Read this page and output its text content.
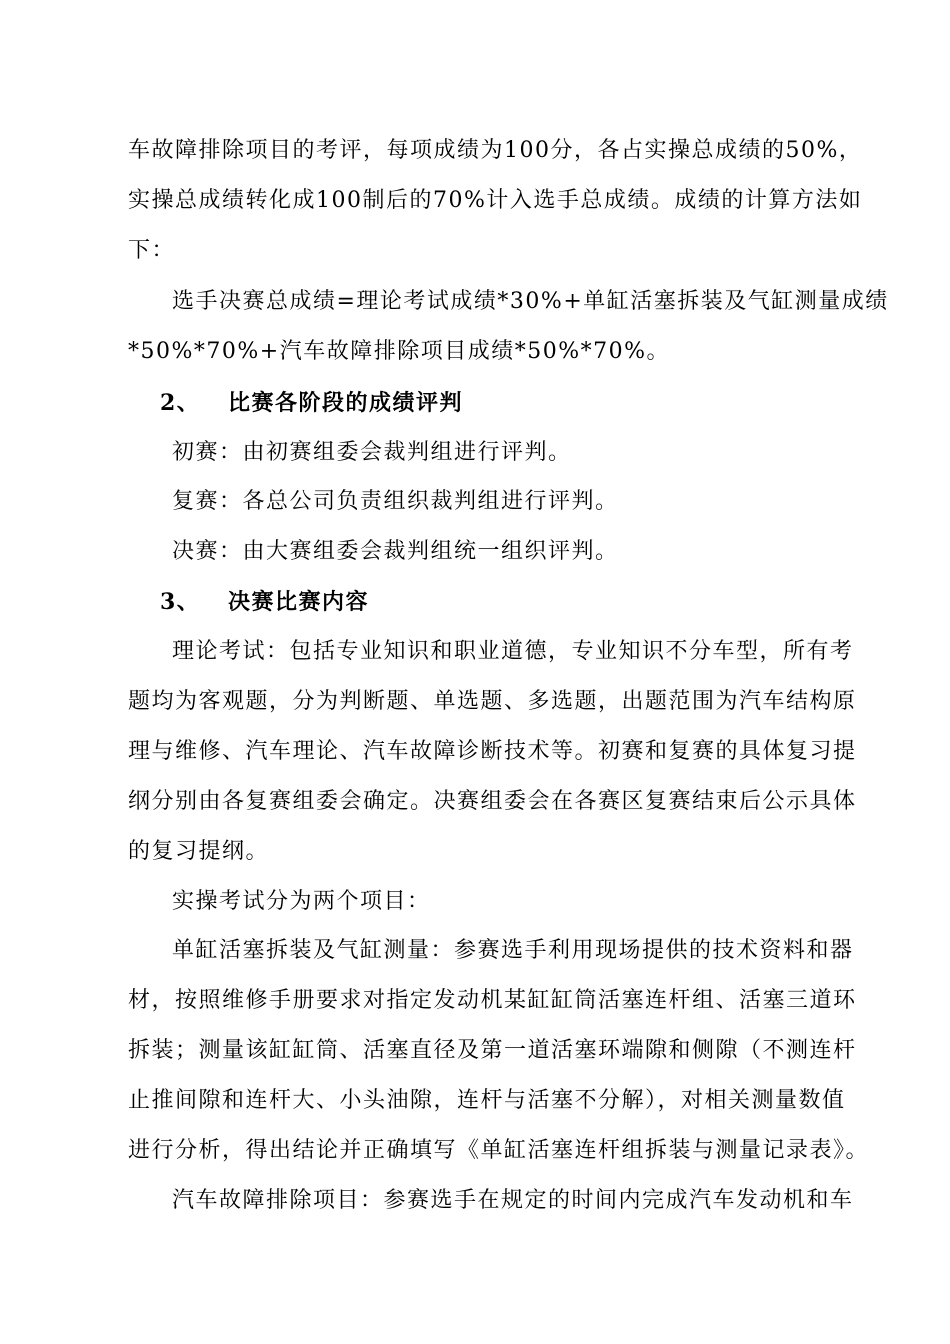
车故障排除项目的考评，每项成绩为100分，各占实操总成绩的50%，
实操总成绩转化成100制后的70%计入选手总成绩。成绩的计算方法如
下：
选手决赛总成绩=理论考试成绩*30%+单缸活塞拆装及气缸测量成绩
*50%*70%+汽车故障排除项目成绩*50%*70%。
2、 比赛各阶段的成绩评判
初赛：由初赛组委会裁判组进行评判。
复赛：各总公司负责组织裁判组进行评判。
决赛：由大赛组委会裁判组统一组织评判。
3、 决赛比赛内容
理论考试：包括专业知识和职业道德，专业知识不分车型，所有考
题均为客观题，分为判断题、单选题、多选题，出题范围为汽车结构原
理与维修、汽车理论、汽车故障诊断技术等。初赛和复赛的具体复习提
纲分别由各复赛组委会确定。决赛组委会在各赛区复赛结束后公示具体
的复习提纲。
实操考试分为两个项目：
单缸活塞拆装及气缸测量：参赛选手利用现场提供的技术资料和器
材，按照维修手册要求对指定发动机某缸缸筒活塞连杆组、活塞三道环
拆装；测量该缸缸筒、活塞直径及第一道活塞环端隙和侧隙（不测连杆
止推间隙和连杆大、小头油隙，连杆与活塞不分解），对相关测量数值
进行分析，得出结论并正确填写《单缸活塞连杆组拆装与测量记录表》。
汽车故障排除项目：参赛选手在规定的时间内完成汽车发动机和车
